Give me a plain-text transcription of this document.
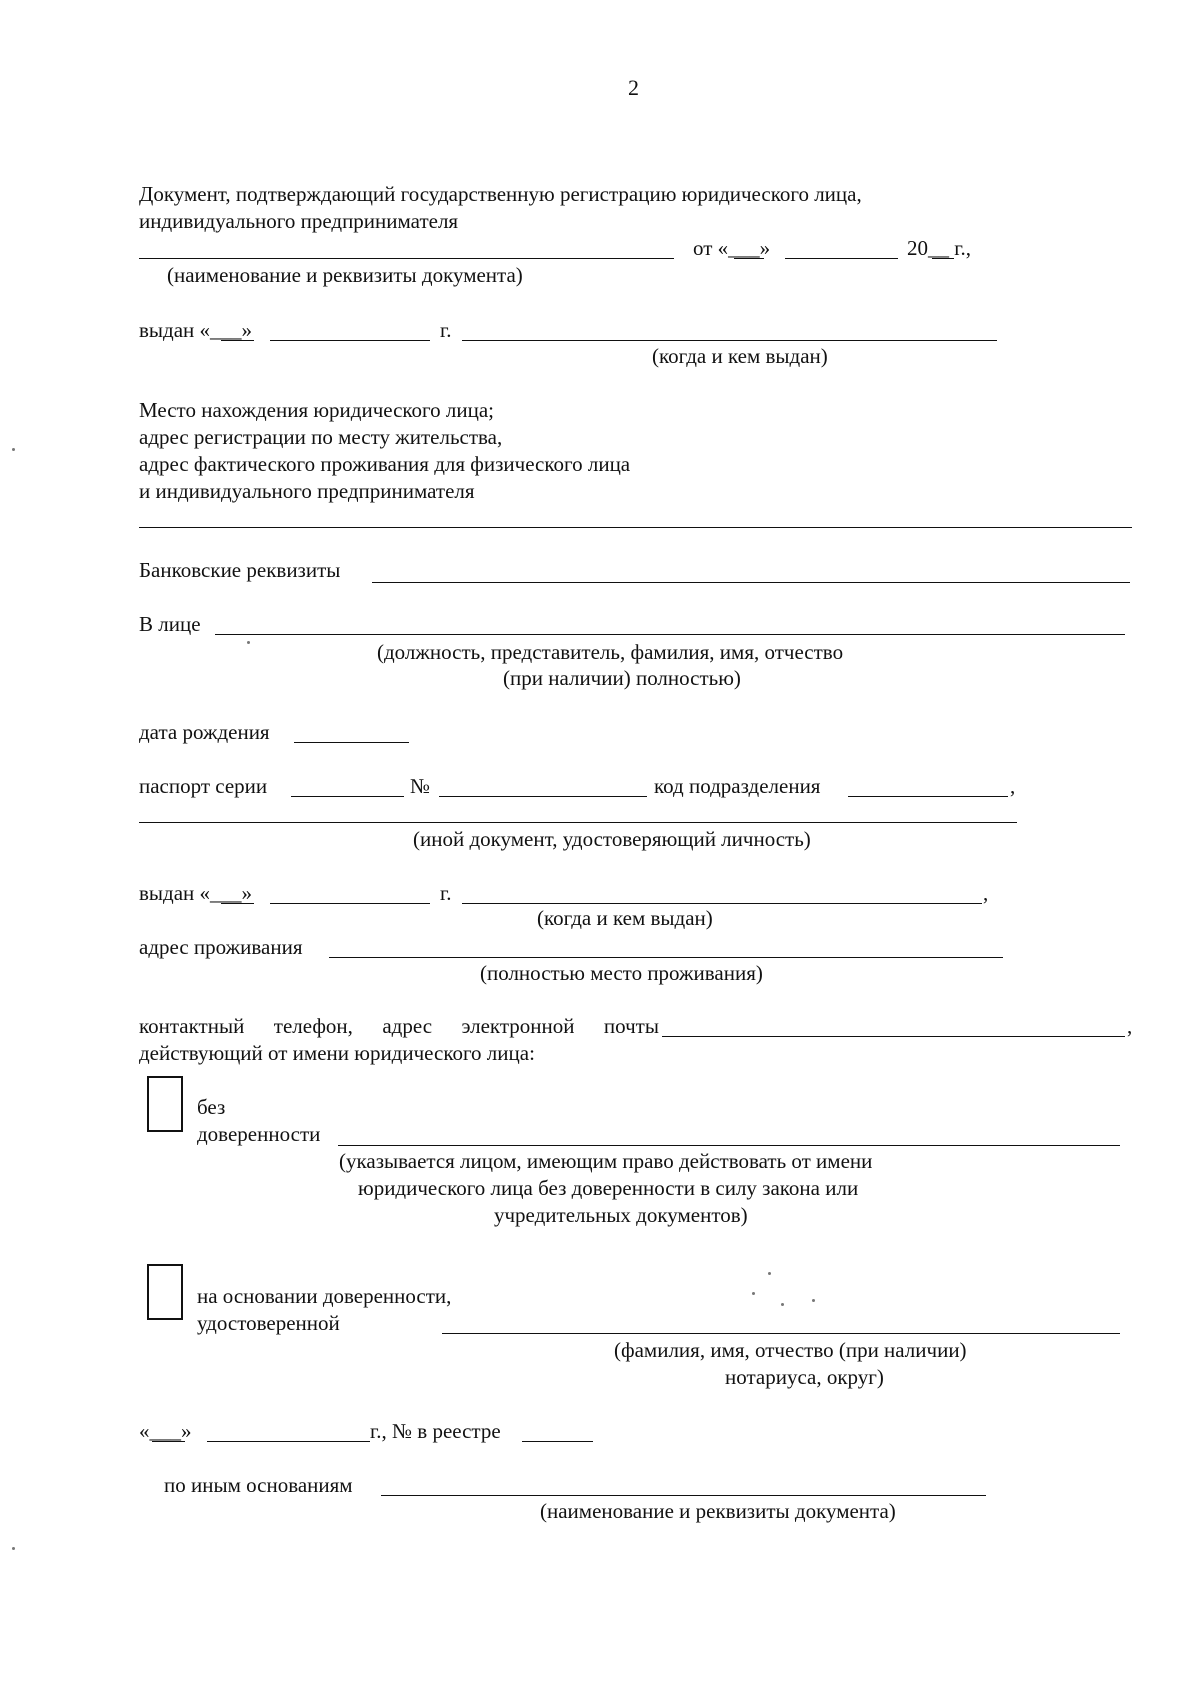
2
Документ, подтверждающий государственную регистрацию юридического лица,
индивидуального предпринимателя
от «___»	20__ г.,
(наименование и реквизиты документа)
выдан «___»	г.
(когда и кем выдан)
Место нахождения юридического лица;
адрес регистрации по месту жительства,
адрес фактического проживания для физического лица
и индивидуального предпринимателя
Банковские реквизиты
В лице
(должность, представитель, фамилия, имя, отчество
(при наличии) полностью)
дата рождения
паспорт серии	№	код подразделения	,
(иной документ, удостоверяющий личность)
выдан «___»	г.	,
(когда и кем выдан)
адрес проживания
(полностью место проживания)
контактный телефон, адрес электронной почты	,
действующий от имени юридического лица:
без
доверенности
(указывается лицом, имеющим право действовать от имени
юридического лица без доверенности в силу закона или
учредительных документов)
на основании доверенности,
удостоверенной
(фамилия, имя, отчество (при наличии)
нотариуса, округ)
«___»	г., № в реестре
по иным основаниям
(наименование и реквизиты документа)
